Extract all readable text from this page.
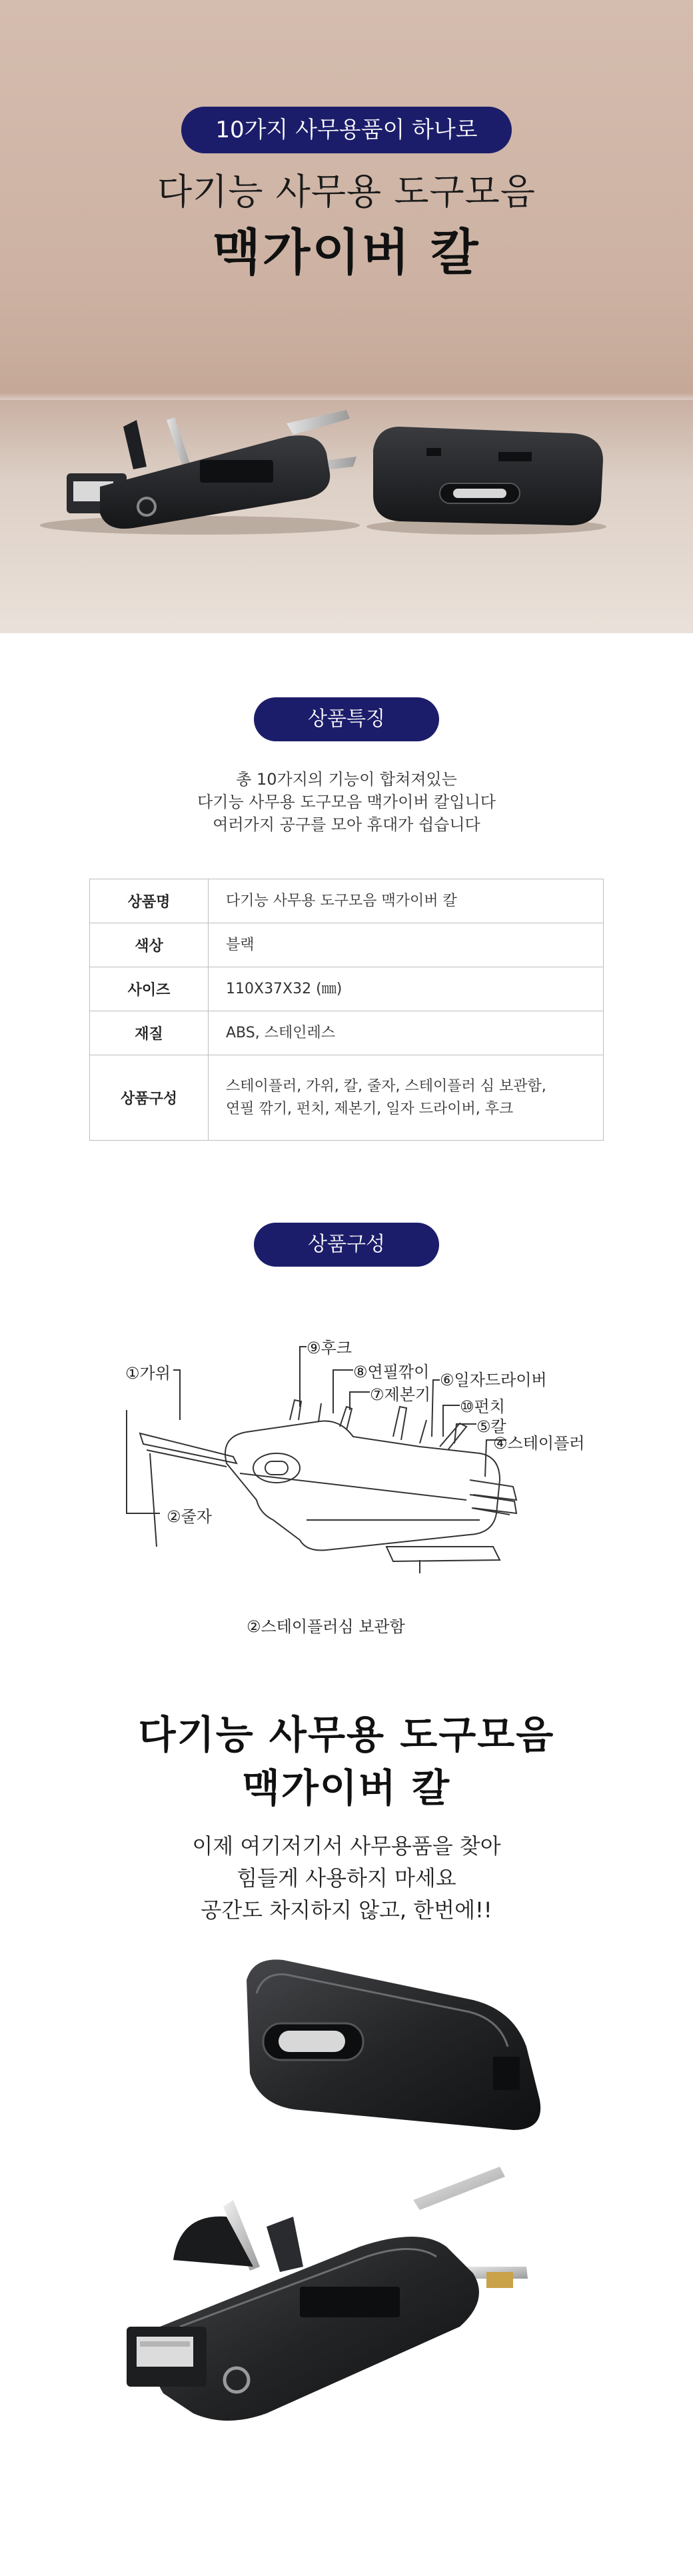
10가지 사무용품이 하나로
다기능 사무용 도구모음
맥가이버 칼
상품특징
총 10가지의 기능이 합쳐져있는
다기능 사무용 도구모음 맥가이버 칼입니다
여러가지 공구를 모아 휴대가 쉽습니다
상품명	다기능 사무용 도구모음 맥가이버 칼
색상	블랙
사이즈	110X37X32 (㎜)
재질	ABS, 스테인레스
상품구성	스테이플러, 가위, 칼, 줄자, 스테이플러 심 보관함,
연필 깎기, 펀치, 제본기, 일자 드라이버, 후크
상품구성
①가위
②줄자
②스테이플러심 보관함
⑨후크
⑧연필깎이
⑦제본기
⑥일자드라이버
⑩펀치
⑤칼
④스테이플러
다기능 사무용 도구모음
맥가이버 칼
이제 여기저기서 사무용품을 찾아
힘들게 사용하지 마세요
공간도 차지하지 않고, 한번에!!
